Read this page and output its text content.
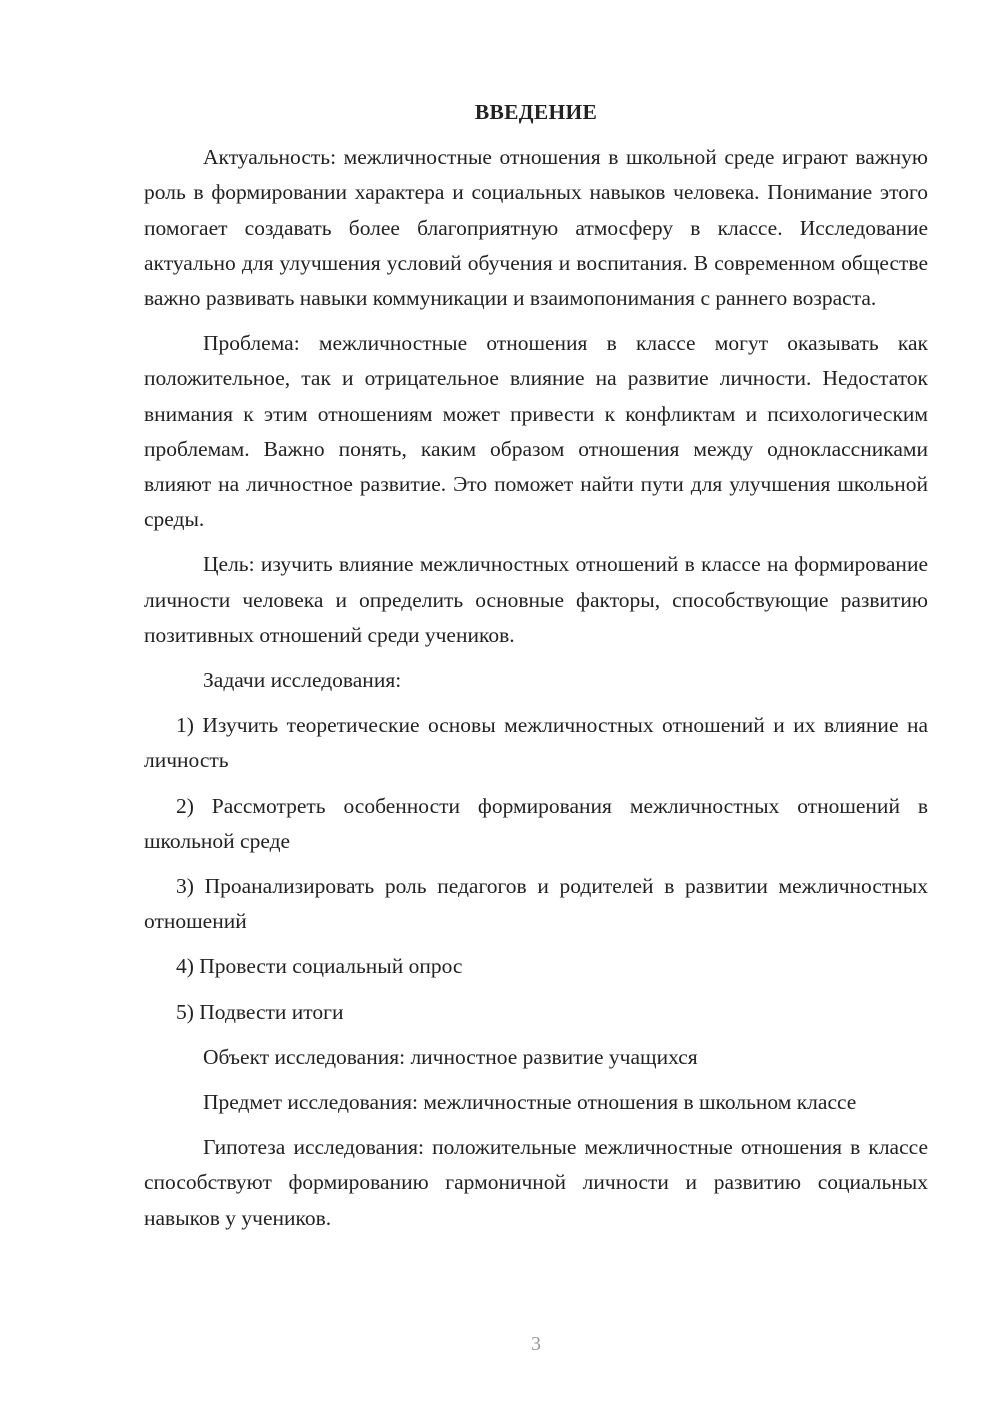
ВВЕДЕНИЕ

Актуальность: межличностные отношения в школьной среде играют важную роль в формировании характера и социальных навыков человека. Понимание этого помогает создавать более благоприятную атмосферу в классе. Исследование актуально для улучшения условий обучения и воспитания. В современном обществе важно развивать навыки коммуникации и взаимопонимания с раннего возраста.

Проблема: межличностные отношения в классе могут оказывать как положительное, так и отрицательное влияние на развитие личности. Недостаток внимания к этим отношениям может привести к конфликтам и психологическим проблемам. Важно понять, каким образом отношения между одноклассниками влияют на личностное развитие. Это поможет найти пути для улучшения школьной среды.

Цель: изучить влияние межличностных отношений в классе на формирование личности человека и определить основные факторы, способствующие развитию позитивных отношений среди учеников.

Задачи исследования:

1) Изучить теоретические основы межличностных отношений и их влияние на личность

2) Рассмотреть особенности формирования межличностных отношений в школьной среде

3) Проанализировать роль педагогов и родителей в развитии межличностных отношений

4) Провести социальный опрос

5) Подвести итоги

Объект исследования: личностное развитие учащихся

Предмет исследования: межличностные отношения в школьном классе

Гипотеза исследования: положительные межличностные отношения в классе способствуют формированию гармоничной личности и развитию социальных навыков у учеников.

3
